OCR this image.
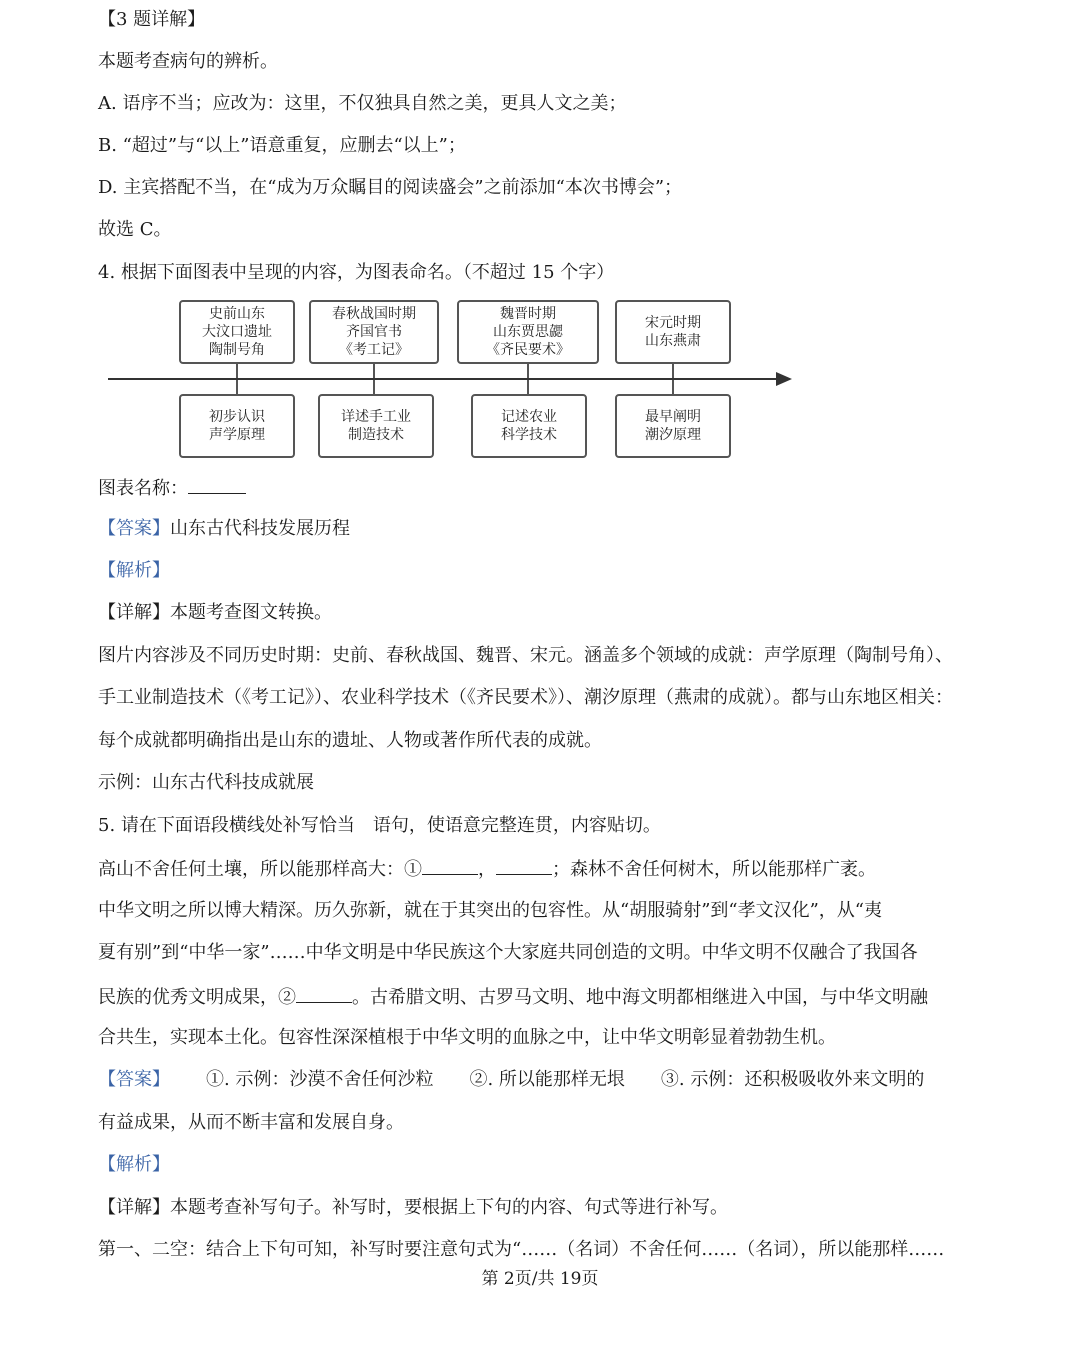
【3 题详解】
本题考查病句的辨析。
A. 语序不当；应改为：这里，不仅独具自然之美，更具人文之美；
B. “超过”与“以上”语意重复，应删去“以上”；
D. 主宾搭配不当，在“成为万众瞩目的阅读盛会”之前添加“本次书博会”；
故选 C。
4. 根据下面图表中呈现的内容，为图表命名。（不超过 15 个字）
史前山东
大汶口遗址
陶制号角
春秋战国时期
齐国官书
《考工记》
魏晋时期
山东贾思勰
《齐民要术》
宋元时期
山东燕肃
初步认识
声学原理
详述手工业
制造技术
记述农业
科学技术
最早阐明
潮汐原理
图表名称：
【答案】山东古代科技发展历程
【解析】
【详解】本题考查图文转换。
图片内容涉及不同历史时期：史前、春秋战国、魏晋、宋元。涵盖多个领域的成就：声学原理（陶制号角）、
手工业制造技术（《考工记》）、农业科学技术（《齐民要术》）、潮汐原理（燕肃的成就）。都与山东地区相关：
每个成就都明确指出是山东的遗址、人物或著作所代表的成就。
示例：山东古代科技成就展
5. 请在下面语段横线处补写恰当 语句，使语意完整连贯，内容贴切。
高山不舍任何土壤，所以能那样高大：①	，	；森林不舍任何树木，所以能那样广袤。
中华文明之所以博大精深。历久弥新，就在于其突出的包容性。从“胡服骑射”到“孝文汉化”，从“夷
夏有别”到“中华一家”……中华文明是中华民族这个大家庭共同创造的文明。中华文明不仅融合了我国各
民族的优秀文明成果，②	。古希腊文明、古罗马文明、地中海文明都相继进入中国，与中华文明融
合共生，实现本土化。包容性深深植根于中华文明的血脉之中，让中华文明彰显着勃勃生机。
【答案】 ①. 示例：沙漠不舍任何沙粒 ②. 所以能那样无垠 ③. 示例：还积极吸收外来文明的
有益成果，从而不断丰富和发展自身。
【解析】
【详解】本题考查补写句子。补写时，要根据上下句的内容、句式等进行补写。
第一、二空：结合上下句可知，补写时要注意句式为“……（名词）不舍任何……（名词），所以能那样……
第 2页/共 19页
